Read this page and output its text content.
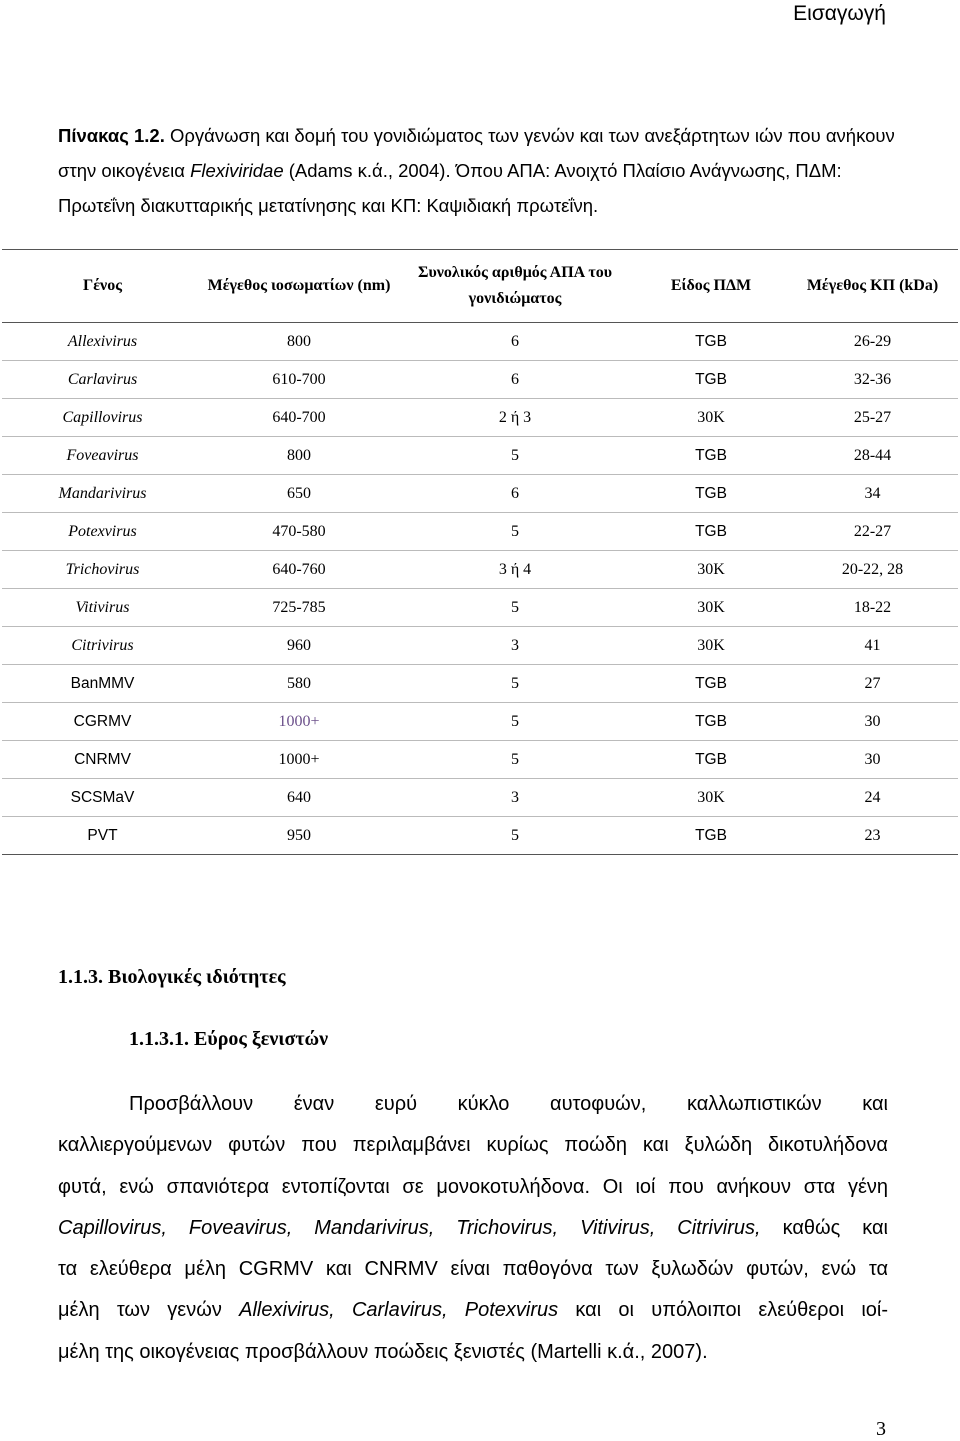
Εισαγωγή
Πίνακας 1.2. Οργάνωση και δομή του γονιδιώματος των γενών και των ανεξάρτητων ιών που ανήκουν στην οικογένεια Flexiviridae (Adams κ.ά., 2004). Όπου ΑΠΑ: Ανοιχτό Πλαίσιο Ανάγνωσης, ΠΔΜ: Πρωτεΐνη διακυτταρικής μετατίνησης και ΚΠ: Καψιδιακή πρωτεΐνη.
Γένος	Μέγεθος ιοσωματίων (nm)	Συνολικός αριθμός ΑΠΑ του γονιδιώματος	Είδος ΠΔΜ	Μέγεθος ΚΠ (kDa)
Allexivirus	800	6	TGB	26-29
Carlavirus	610-700	6	TGB	32-36
Capillovirus	640-700	2 ή 3	30K	25-27
Foveavirus	800	5	TGB	28-44
Mandarivirus	650	6	TGB	34
Potexvirus	470-580	5	TGB	22-27
Trichovirus	640-760	3 ή 4	30K	20-22, 28
Vitivirus	725-785	5	30K	18-22
Citrivirus	960	3	30K	41
BanMMV	580	5	TGB	27
CGRMV	1000+	5	TGB	30
CNRMV	1000+	5	TGB	30
SCSMaV	640	3	30K	24
PVT	950	5	TGB	23
1.1.3. Βιολογικές ιδιότητες
1.1.3.1. Εύρος ξενιστών
Προσβάλλουν έναν ευρύ κύκλο αυτοφυών, καλλωπιστικών και
καλλιεργούμενων φυτών που περιλαμβάνει κυρίως ποώδη και ξυλώδη δικοτυλήδονα
φυτά, ενώ σπανιότερα εντοπίζονται σε μονοκοτυλήδονα. Οι ιοί που ανήκουν στα γένη
Capillovirus, Foveavirus, Mandarivirus, Trichovirus, Vitivirus, Citrivirus, καθώς και
τα ελεύθερα μέλη CGRMV και CNRMV είναι παθογόνα των ξυλωδών φυτών, ενώ τα
μέλη των γενών Allexivirus, Carlavirus, Potexvirus και οι υπόλοιποι ελεύθεροι ιοί-
μέλη της οικογένειας προσβάλλουν ποώδεις ξενιστές (Martelli κ.ά., 2007).
3
